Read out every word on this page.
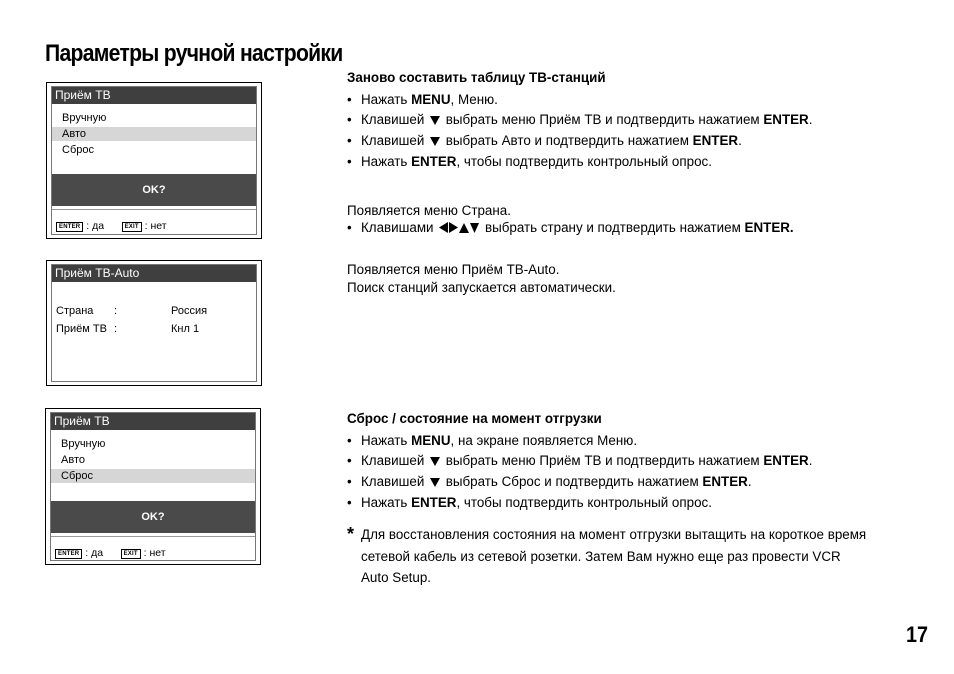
Параметры ручной настройки
Приём ТВ
Вручную
Авто
Сброс
OK?
ENTER : да	EXIT : нет
Приём ТВ-Auto
Страна :	Россия
Приём ТВ :	Кнл 1
Приём ТВ
Вручную
Авто
Сброс
OK?
ENTER : да	EXIT : нет
Заново составить таблицу ТВ-станций
• Нажать MENU, Меню.
• Клавишей  выбрать меню Приём ТВ и подтвердить нажатием ENTER.
• Клавишей  выбрать Авто и подтвердить нажатием ENTER.
• Нажать ENTER, чтобы подтвердить контрольный опрос.
Появляется меню Страна.
• Клавишами	выбрать страну и подтвердить нажатием ENTER.
Появляется меню Приём ТВ-Auto.
Поиск станций запускается автоматически.
Сброс / состояние на момент отгрузки
• Нажать MENU, на экране появляется Меню.
• Клавишей  выбрать меню Приём ТВ и подтвердить нажатием ENTER.
• Клавишей  выбрать Сброс и подтвердить нажатием ENTER.
• Нажать ENTER, чтобы подтвердить контрольный опрос.
* Для восстановления состояния на момент отгрузки вытащить на короткое время
сетевой кабель из сетевой розетки. Затем Вам нужно еще раз провести VCR
Auto Setup.
17
